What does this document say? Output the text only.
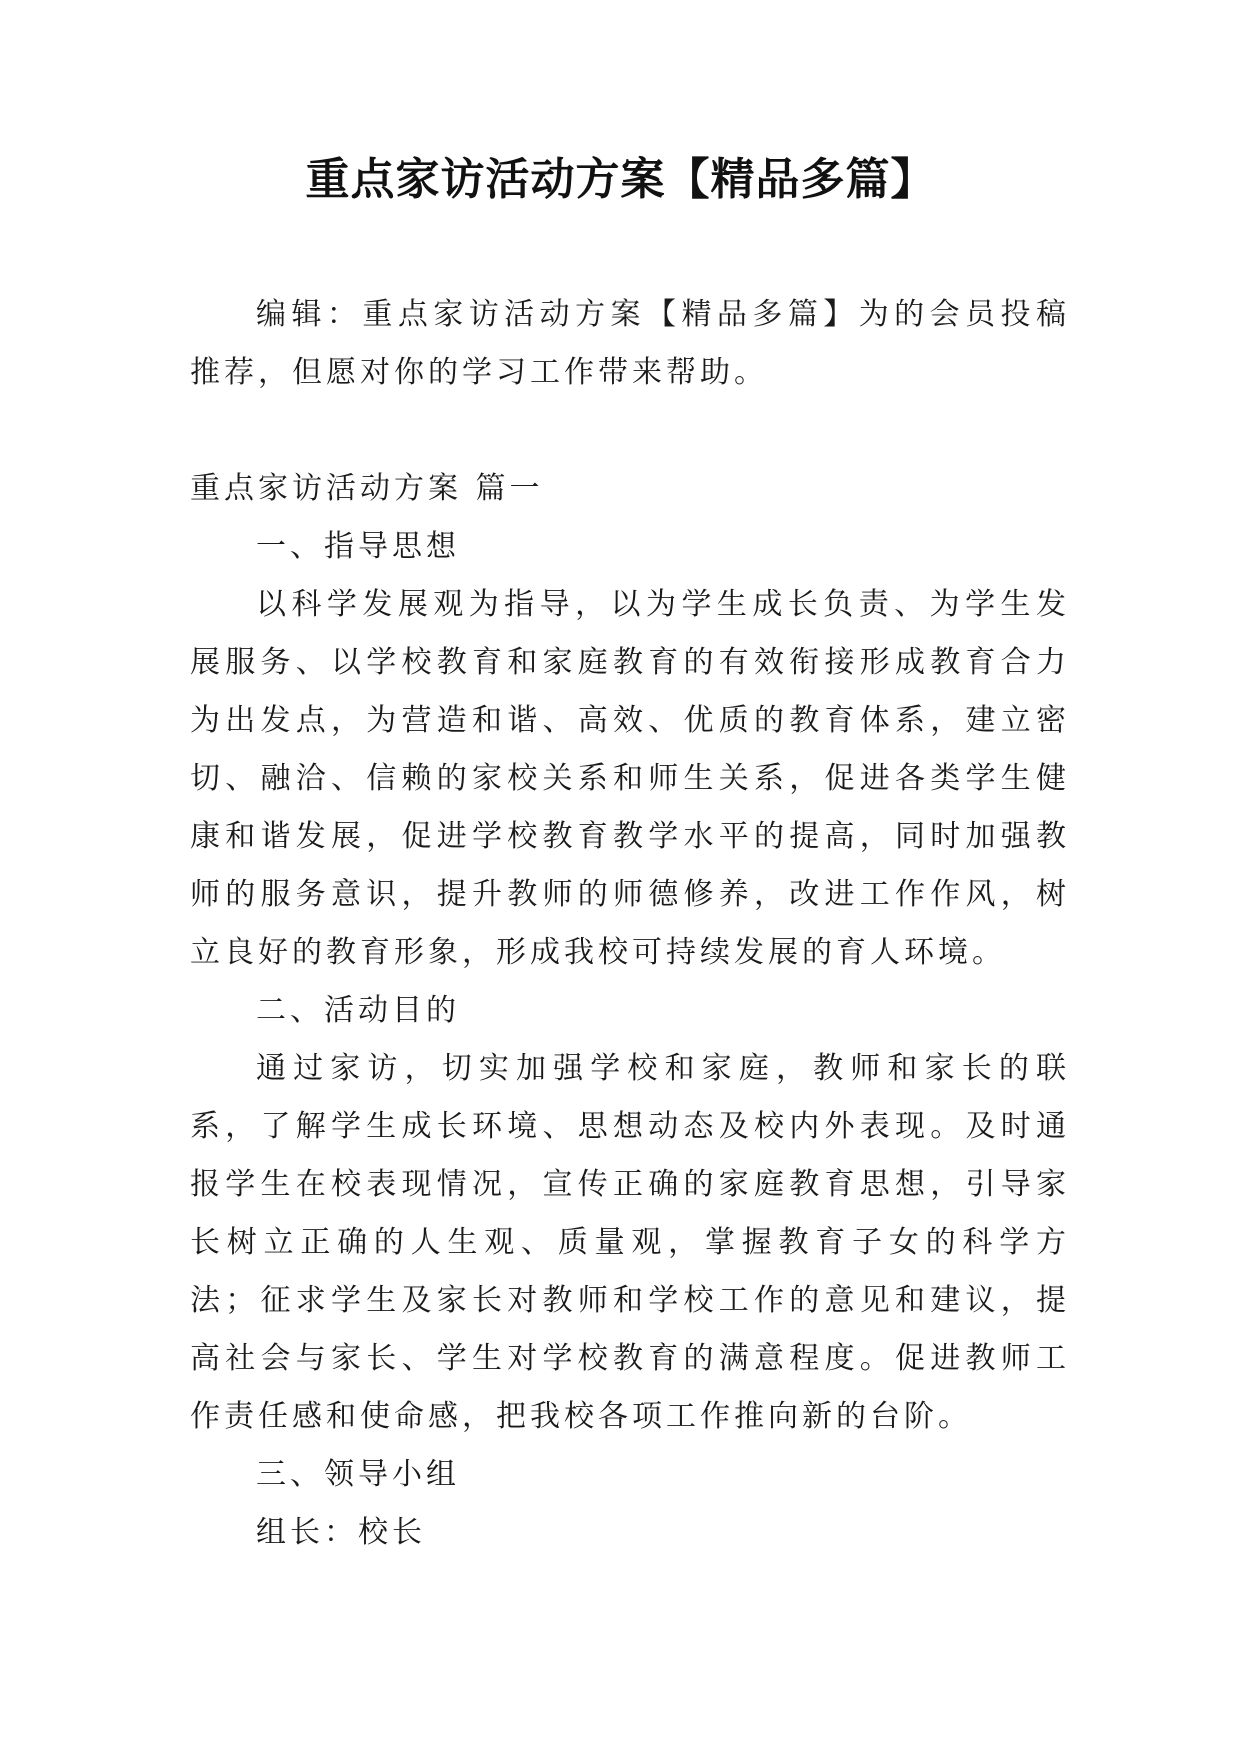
重点家访活动方案【精品多篇】

编辑：重点家访活动方案【精品多篇】为的会员投稿推荐，但愿对你的学习工作带来帮助。

重点家访活动方案 篇一

一、指导思想

以科学发展观为指导，以为学生成长负责、为学生发展服务、以学校教育和家庭教育的有效衔接形成教育合力为出发点，为营造和谐、高效、优质的教育体系，建立密切、融洽、信赖的家校关系和师生关系，促进各类学生健康和谐发展，促进学校教育教学水平的提高，同时加强教师的服务意识，提升教师的师德修养，改进工作作风，树立良好的教育形象，形成我校可持续发展的育人环境。

二、活动目的

通过家访，切实加强学校和家庭，教师和家长的联系，了解学生成长环境、思想动态及校内外表现。及时通报学生在校表现情况，宣传正确的家庭教育思想，引导家长树立正确的人生观、质量观，掌握教育子女的科学方法；征求学生及家长对教师和学校工作的意见和建议，提高社会与家长、学生对学校教育的满意程度。促进教师工作责任感和使命感，把我校各项工作推向新的台阶。

三、领导小组

组长：校长
